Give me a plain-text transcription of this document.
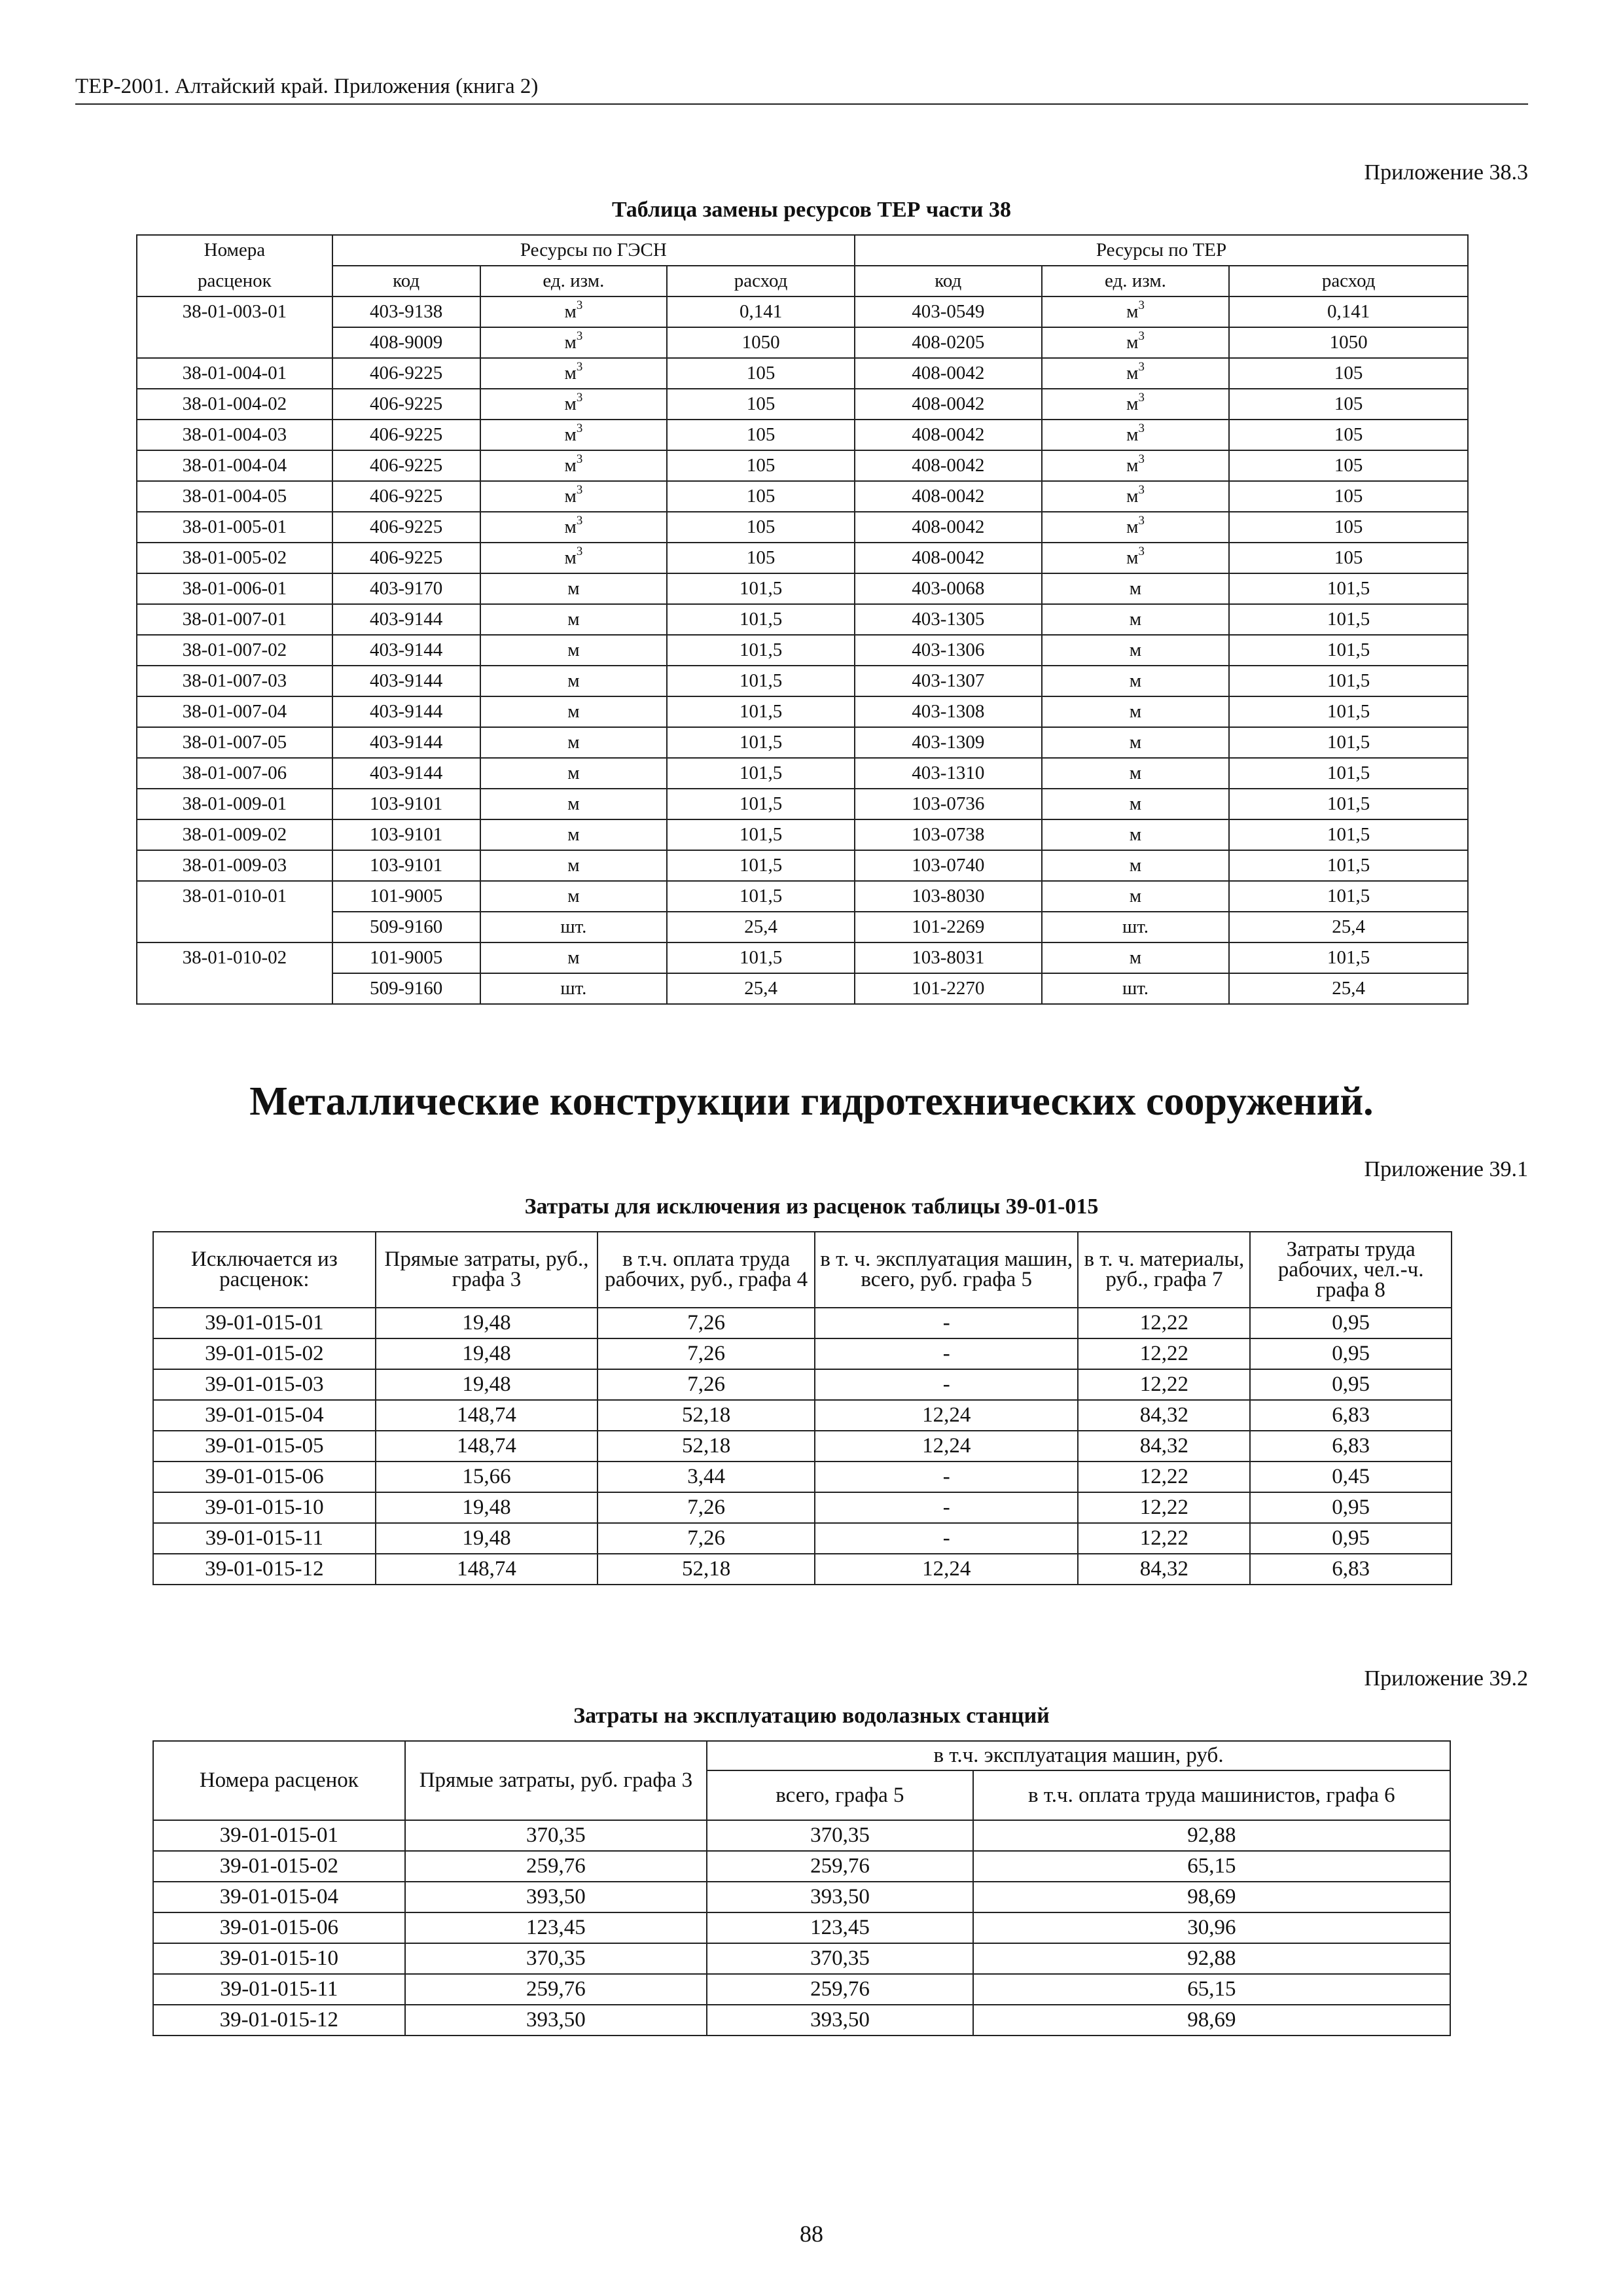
ТЕР-2001. Алтайский край. Приложения (книга 2)
Приложение 38.3
Таблица замены ресурсов ТЕР части 38
Номера	Ресурсы по ГЭСН			Ресурсы по ТЕР		
расценок	код	ед. изм.	расход	код	ед. изм.	расход
38-01-003-01	403-9138	$м^3$	0,141	403-0549	$м^3$	0,141
	408-9009	$м^3$	1050	408-0205	$м^3$	1050
38-01-004-01	406-9225	$м^3$	105	408-0042	$м^3$	105
38-01-004-02	406-9225	$м^3$	105	408-0042	$м^3$	105
38-01-004-03	406-9225	$м^3$	105	408-0042	$м^3$	105
38-01-004-04	406-9225	$м^3$	105	408-0042	$м^3$	105
38-01-004-05	406-9225	$м^3$	105	408-0042	$м^3$	105
38-01-005-01	406-9225	$м^3$	105	408-0042	$м^3$	105
38-01-005-02	406-9225	$м^3$	105	408-0042	$м^3$	105
38-01-006-01	403-9170	м	101,5	403-0068	м	101,5
38-01-007-01	403-9144	м	101,5	403-1305	м	101,5
38-01-007-02	403-9144	м	101,5	403-1306	м	101,5
38-01-007-03	403-9144	м	101,5	403-1307	м	101,5
38-01-007-04	403-9144	м	101,5	403-1308	м	101,5
38-01-007-05	403-9144	м	101,5	403-1309	м	101,5
38-01-007-06	403-9144	м	101,5	403-1310	м	101,5
38-01-009-01	103-9101	м	101,5	103-0736	м	101,5
38-01-009-02	103-9101	м	101,5	103-0738	м	101,5
38-01-009-03	103-9101	м	101,5	103-0740	м	101,5
38-01-010-01	101-9005	м	101,5	103-8030	м	101,5
	509-9160	шт.	25,4	101-2269	шт.	25,4
38-01-010-02	101-9005	м	101,5	103-8031	м	101,5
	509-9160	шт.	25,4	101-2270	шт.	25,4
Металлические конструкции гидротехнических сооружений.
Приложение 39.1
Затраты для исключения из расценок таблицы 39-01-015
Исключается из расценок:	Прямые затраты, руб., графа 3	в т.ч. оплата труда рабочих, руб., графа 4	в т. ч. эксплуатация машин, всего, руб. графа 5	в т. ч. материалы, руб., графа 7	Затраты труда рабочих, чел.-ч. графа 8
39-01-015-01	19,48	7,26	-	12,22	0,95
39-01-015-02	19,48	7,26	-	12,22	0,95
39-01-015-03	19,48	7,26	-	12,22	0,95
39-01-015-04	148,74	52,18	12,24	84,32	6,83
39-01-015-05	148,74	52,18	12,24	84,32	6,83
39-01-015-06	15,66	3,44	-	12,22	0,45
39-01-015-10	19,48	7,26	-	12,22	0,95
39-01-015-11	19,48	7,26	-	12,22	0,95
39-01-015-12	148,74	52,18	12,24	84,32	6,83
Приложение 39.2
Затраты на эксплуатацию водолазных станций
Номера расценок	Прямые затраты, руб. графа 3	в т.ч. эксплуатация машин, руб.	
		всего, графа 5	в т.ч. оплата труда машинистов, графа 6
39-01-015-01	370,35	370,35	92,88
39-01-015-02	259,76	259,76	65,15
39-01-015-04	393,50	393,50	98,69
39-01-015-06	123,45	123,45	30,96
39-01-015-10	370,35	370,35	92,88
39-01-015-11	259,76	259,76	65,15
39-01-015-12	393,50	393,50	98,69
88
